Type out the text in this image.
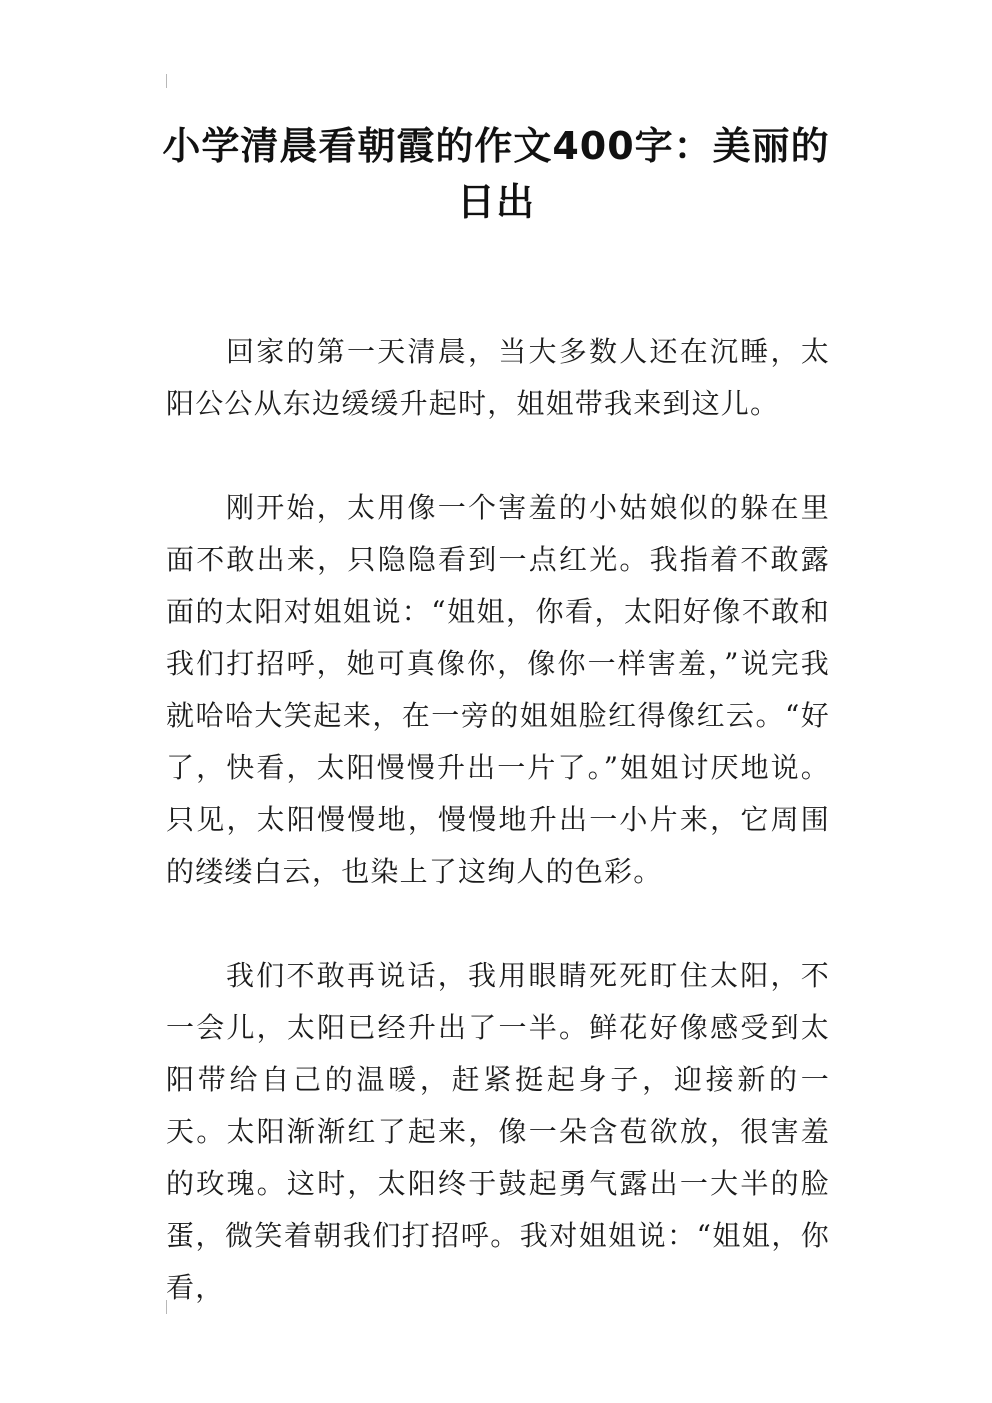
小学清晨看朝霞的作文400字：美丽的日出

回家的第一天清晨，当大多数人还在沉睡，太阳公公从东边缓缓升起时，姐姐带我来到这儿。

刚开始，太用像一个害羞的小姑娘似的躲在里面不敢出来，只隐隐看到一点红光。我指着不敢露面的太阳对姐姐说：“姐姐，你看，太阳好像不敢和我们打招呼，她可真像你，像你一样害羞，”说完我就哈哈大笑起来，在一旁的姐姐脸红得像红云。“好了，快看，太阳慢慢升出一片了。”姐姐讨厌地说。只见，太阳慢慢地，慢慢地升出一小片来，它周围的缕缕白云，也染上了这绚人的色彩。

我们不敢再说话，我用眼睛死死盯住太阳，不一会儿，太阳已经升出了一半。鲜花好像感受到太阳带给自己的温暖，赶紧挺起身子，迎接新的一天。太阳渐渐红了起来，像一朵含苞欲放，很害羞的玫瑰。这时，太阳终于鼓起勇气露出一大半的脸蛋，微笑着朝我们打招呼。我对姐姐说：“姐姐，你看，
